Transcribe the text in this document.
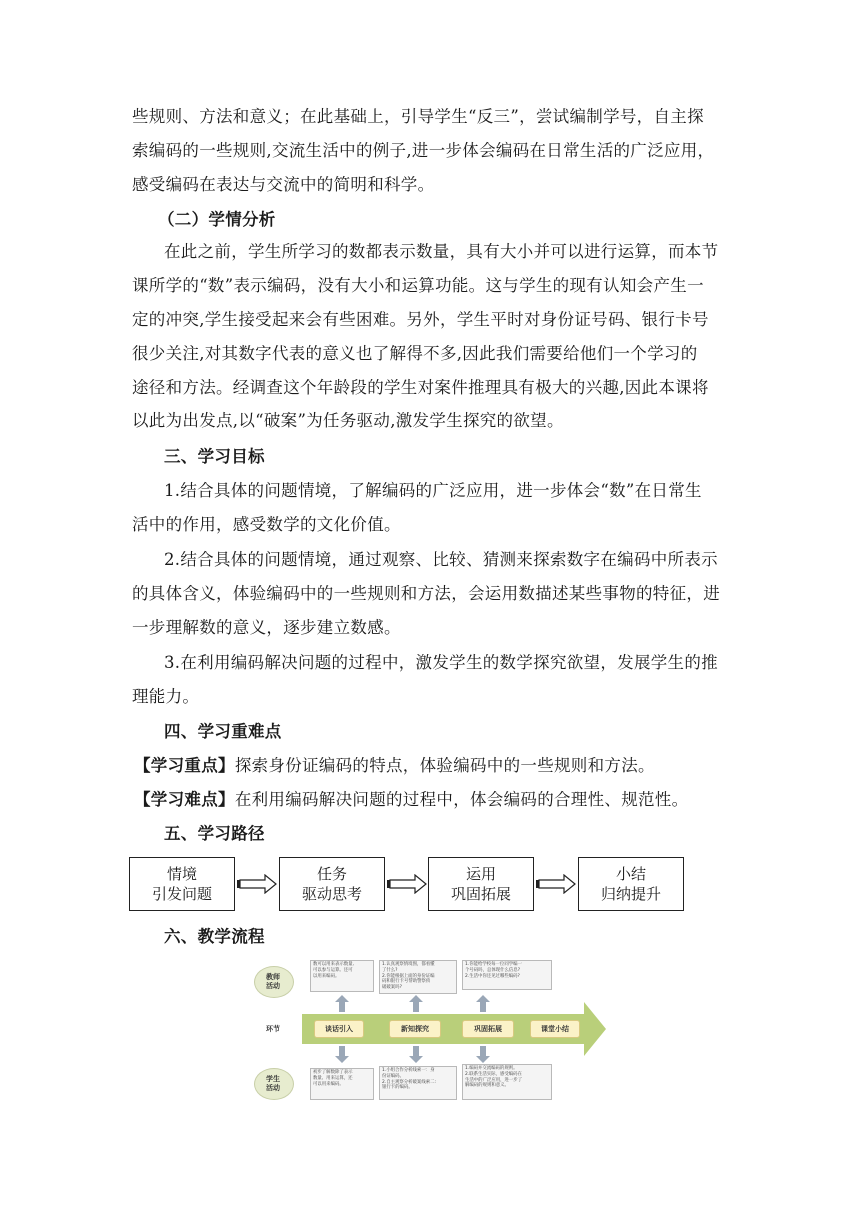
些规则、方法和意义；在此基础上，引导学生“反三”，尝试编制学号，自主探
索编码的一些规则,交流生活中的例子,进一步体会编码在日常生活的广泛应用，
感受编码在表达与交流中的简明和科学。
（二）学情分析
在此之前，学生所学习的数都表示数量，具有大小并可以进行运算，而本节
课所学的“数”表示编码，没有大小和运算功能。这与学生的现有认知会产生一
定的冲突,学生接受起来会有些困难。另外，学生平时对身份证号码、银行卡号
很少关注,对其数字代表的意义也了解得不多,因此我们需要给他们一个学习的
途径和方法。经调查这个年龄段的学生对案件推理具有极大的兴趣,因此本课将
以此为出发点,以“破案”为任务驱动,激发学生探究的欲望。
三、学习目标
1.结合具体的问题情境，了解编码的广泛应用，进一步体会“数”在日常生
活中的作用，感受数学的文化价值。
2.结合具体的问题情境，通过观察、比较、猜测来探索数字在编码中所表示
的具体含义，体验编码中的一些规则和方法，会运用数描述某些事物的特征，进
一步理解数的意义，逐步建立数感。
3.在利用编码解决问题的过程中，激发学生的数学探究欲望，发展学生的推
理能力。
四、学习重难点
【学习重点】探索身份证编码的特点，体验编码中的一些规则和方法。
【学习难点】在利用编码解决问题的过程中，体会编码的合理性、规范性。
五、学习路径
情境
引发问题
任务
驱动思考
运用
巩固拓展
小结
归纳提升
六、教学流程
教师
活动
环节
学生
活动
数可以用来表示数量,
可以参与运算。还可
以用来编码。
1.认真观察情境图，都看懂
了什么?
2.你能根据上面的身份证编
码和银行卡号帮助警察侦
破破案吗?
1.你能给学校每一位同学编一
个号码吗，总体现什么信息?
2.生活中你还见过哪些编码?
谈话引入	新知探究	巩固拓展	课堂小结
初步了解数除了表示
数量、用来运算，还
可以用来编码。
1.小组合作分析线索一：身
份证编码。
2.自主观察分析破案线索二:
银行卡的编码。
1.编码并交流编码的规则。
2.联系生活实际，感受编码在
生活中的广泛应用，进一步了
解编码的规则和意义。
